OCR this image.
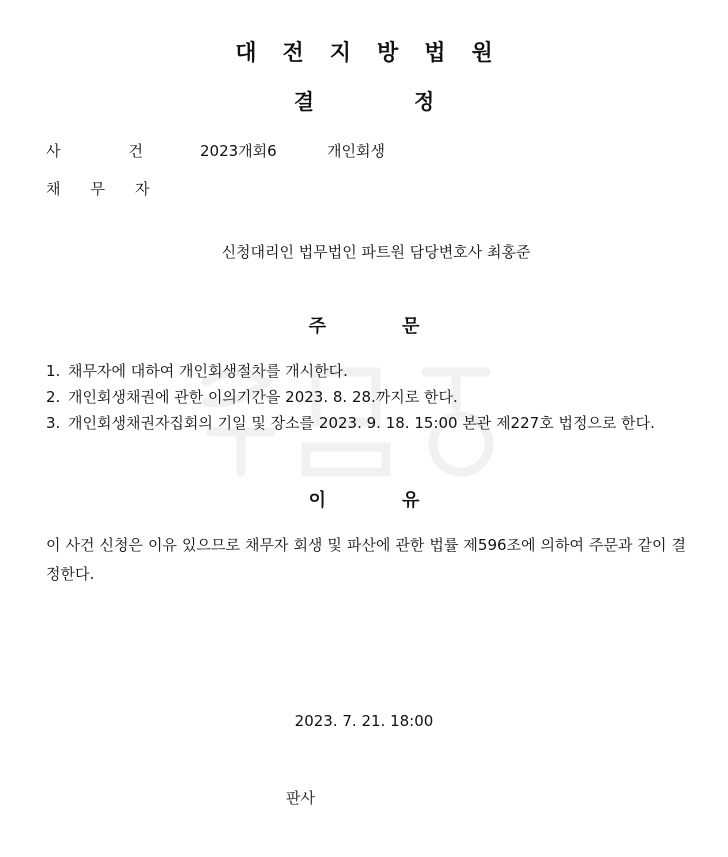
대전지방법원
결정
사건
2023개회6	개인회생
채무자
신청대리인 법무법인 파트원 담당변호사 최홍준
주문
1. 채무자에 대하여 개인회생절차를 개시한다.
2. 개인회생채권에 관한 이의기간을 2023. 8. 28.까지로 한다.
3. 개인회생채권자집회의 기일 및 장소를 2023. 9. 18. 15:00 본관 제227호 법정으로 한다.
이유
이 사건 신청은 이유 있으므로 채무자 회생 및 파산에 관한 법률 제596조에 의하여 주문과 같이 결정한다.
2023. 7. 21. 18:00
판사
